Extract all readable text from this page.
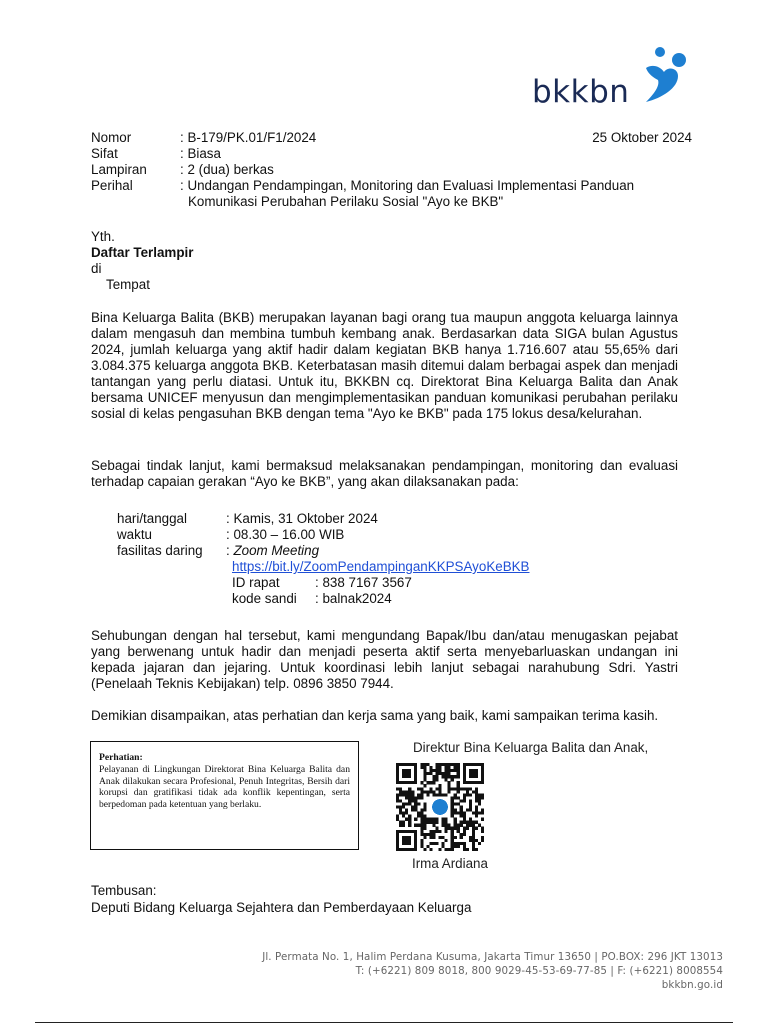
bkkbn
25 Oktober 2024
Nomor	: B-179/PK.01/F1/2024
Sifat	: Biasa
Lampiran : 2 (dua) berkas
Perihal	: Undangan Pendampingan, Monitoring dan Evaluasi Implementasi Panduan
Komunikasi Perubahan Perilaku Sosial "Ayo ke BKB"
Yth.
Daftar Terlampir
di
Tempat
Bina Keluarga Balita (BKB) merupakan layanan bagi orang tua maupun anggota keluarga lainnya dalam mengasuh dan membina tumbuh kembang anak. Berdasarkan data SIGA bulan Agustus 2024, jumlah keluarga yang aktif hadir dalam kegiatan BKB hanya 1.716.607 atau 55,65% dari 3.084.375 keluarga anggota BKB. Keterbatasan masih ditemui dalam berbagai aspek dan menjadi tantangan yang perlu diatasi. Untuk itu, BKKBN cq. Direktorat Bina Keluarga Balita dan Anak bersama UNICEF menyusun dan mengimplementasikan panduan komunikasi perubahan perilaku sosial di kelas pengasuhan BKB dengan tema "Ayo ke BKB" pada 175 lokus desa/kelurahan.
Sebagai tindak lanjut, kami bermaksud melaksanakan pendampingan, monitoring dan evaluasi terhadap capaian gerakan “Ayo ke BKB”, yang akan dilaksanakan pada:
hari/tanggal	: Kamis, 31 Oktober 2024
waktu	: 08.30 – 16.00 WIB
fasilitas daring : Zoom Meeting
https://bit.ly/ZoomPendampinganKKPSAyoKeBKB
ID rapat	: 838 7167 3567
kode sandi : balnak2024
Sehubungan dengan hal tersebut, kami mengundang Bapak/Ibu dan/atau menugaskan pejabat yang berwenang untuk hadir dan menjadi peserta aktif serta menyebarluaskan undangan ini kepada jajaran dan jejaring. Untuk koordinasi lebih lanjut sebagai narahubung Sdri. Yastri (Penelaah Teknis Kebijakan) telp. 0896 3850 7944.
Demikian disampaikan, atas perhatian dan kerja sama yang baik, kami sampaikan terima kasih.
Perhatian:
Pelayanan di Lingkungan Direktorat Bina Keluarga Balita dan Anak dilakukan secara Profesional, Penuh Integritas, Bersih dari korupsi dan gratifikasi tidak ada konflik kepentingan, serta berpedoman pada ketentuan yang berlaku.
Direktur Bina Keluarga Balita dan Anak,
Irma Ardiana
Tembusan:
Deputi Bidang Keluarga Sejahtera dan Pemberdayaan Keluarga
Jl. Permata No. 1, Halim Perdana Kusuma, Jakarta Timur 13650 | PO.BOX: 296 JKT 13013
T: (+6221) 809 8018, 800 9029-45-53-69-77-85 | F: (+6221) 8008554
bkkbn.go.id
